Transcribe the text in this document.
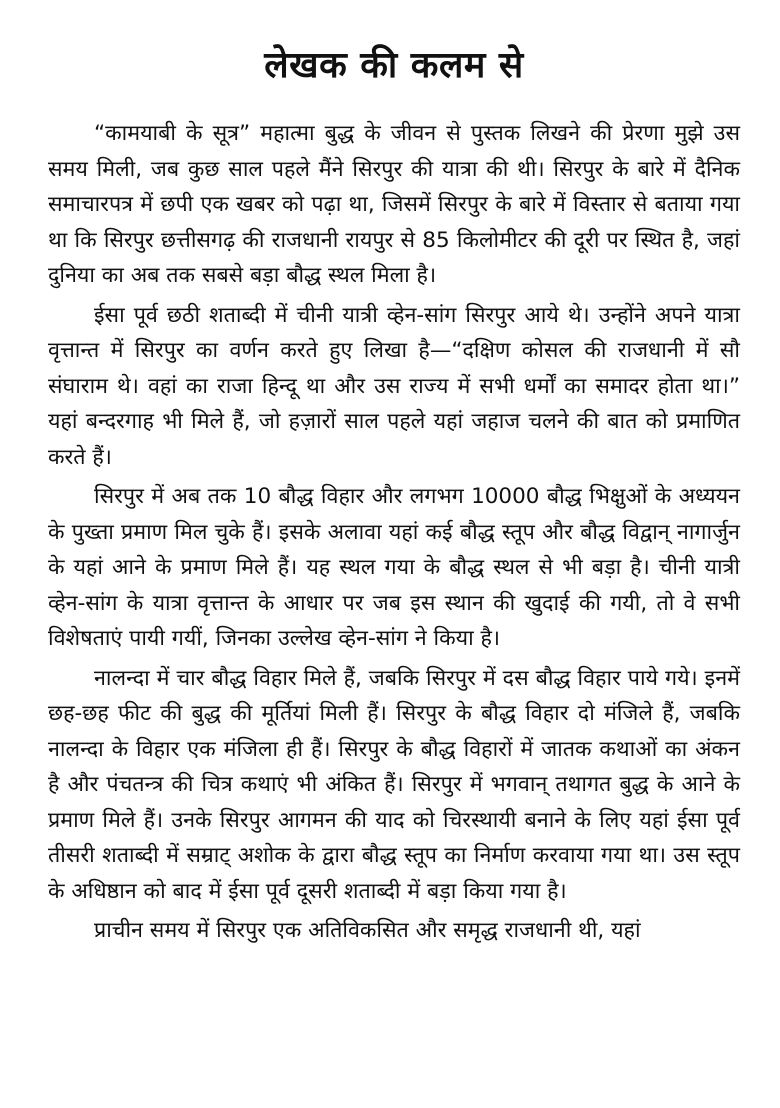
लेखक की कलम से

“कामयाबी के सूत्र” महात्मा बुद्ध के जीवन से पुस्तक लिखने की प्रेरणा मुझे उस समय मिली, जब कुछ साल पहले मैंने सिरपुर की यात्रा की थी। सिरपुर के बारे में दैनिक समाचारपत्र में छपी एक खबर को पढ़ा था, जिसमें सिरपुर के बारे में विस्तार से बताया गया था कि सिरपुर छत्तीसगढ़ की राजधानी रायपुर से 85 किलोमीटर की दूरी पर स्थित है, जहां दुनिया का अब तक सबसे बड़ा बौद्ध स्थल मिला है।

ईसा पूर्व छठी शताब्दी में चीनी यात्री व्हेन-सांग सिरपुर आये थे। उन्होंने अपने यात्रा वृत्तान्त में सिरपुर का वर्णन करते हुए लिखा है—“दक्षिण कोसल की राजधानी में सौ संघाराम थे। वहां का राजा हिन्दू था और उस राज्य में सभी धर्मों का समादर होता था।” यहां बन्दरगाह भी मिले हैं, जो हज़ारों साल पहले यहां जहाज चलने की बात को प्रमाणित करते हैं।

सिरपुर में अब तक 10 बौद्ध विहार और लगभग 10000 बौद्ध भिक्षुओं के अध्ययन के पुख्ता प्रमाण मिल चुके हैं। इसके अलावा यहां कई बौद्ध स्तूप और बौद्ध विद्वान् नागार्जुन के यहां आने के प्रमाण मिले हैं। यह स्थल गया के बौद्ध स्थल से भी बड़ा है। चीनी यात्री व्हेन-सांग के यात्रा वृत्तान्त के आधार पर जब इस स्थान की खुदाई की गयी, तो वे सभी विशेषताएं पायी गयीं, जिनका उल्लेख व्हेन-सांग ने किया है।

नालन्दा में चार बौद्ध विहार मिले हैं, जबकि सिरपुर में दस बौद्ध विहार पाये गये। इनमें छह-छह फीट की बुद्ध की मूर्तियां मिली हैं। सिरपुर के बौद्ध विहार दो मंजिले हैं, जबकि नालन्दा के विहार एक मंजिला ही हैं। सिरपुर के बौद्ध विहारों में जातक कथाओं का अंकन है और पंचतन्त्र की चित्र कथाएं भी अंकित हैं। सिरपुर में भगवान् तथागत बुद्ध के आने के प्रमाण मिले हैं। उनके सिरपुर आगमन की याद को चिरस्थायी बनाने के लिए यहां ईसा पूर्व तीसरी शताब्दी में सम्राट् अशोक के द्वारा बौद्ध स्तूप का निर्माण करवाया गया था। उस स्तूप के अधिष्ठान को बाद में ईसा पूर्व दूसरी शताब्दी में बड़ा किया गया है।

प्राचीन समय में सिरपुर एक अतिविकसित और समृद्ध राजधानी थी, यहां
